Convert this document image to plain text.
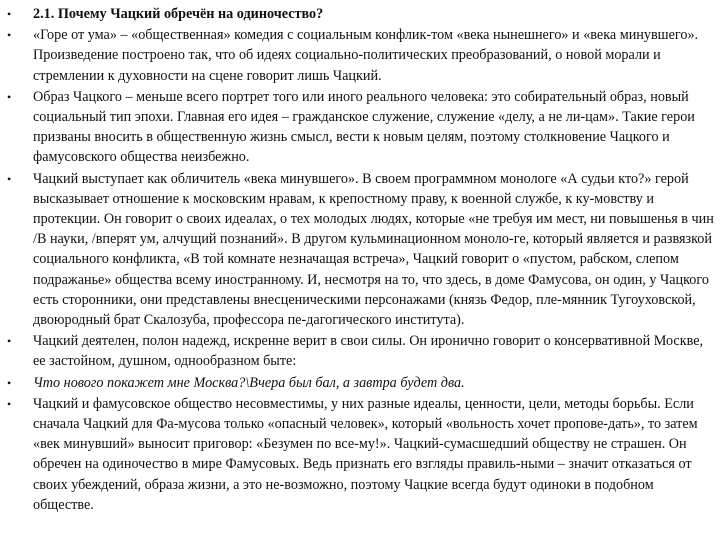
• 2.1. Почему Чацкий обречён на одиночество?
• «Горе от ума» – «общественная» комедия с социальным конфлик-том «века нынешнего» и «века минувшего». Произведение построено так, что об идеях социально-политических преобразований, о новой морали и стремлении к духовности на сцене говорит лишь Чацкий.
• Образ Чацкого – меньше всего портрет того или иного реального человека: это собирательный образ, новый социальный тип эпохи. Главная его идея – гражданское служение, служение «делу, а не ли-цам». Такие герои призваны вносить в общественную жизнь смысл, вести к новым целям, поэтому столкновение Чацкого и фамусовского общества неизбежно.
• Чацкий выступает как обличитель «века минувшего». В своем программном монологе «А судьи кто?» герой высказывает отношение к московским нравам, к крепостному праву, к военной службе, к ку-мовству и протекции. Он говорит о своих идеалах, о тех молодых людях, которые «не требуя им мест, ни повышенья в чин /В науки, /вперят ум, алчущий познаний». В другом кульминационном моноло-ге, который является и развязкой социального конфликта, «В той комнате незначащая встреча», Чацкий говорит о «пустом, рабском, слепом подражанье» общества всему иностранному. И, несмотря на то, что здесь, в доме Фамусова, он один, у Чацкого есть сторонники, они представлены внесценическими персонажами (князь Федор, пле-мянник Тугоуховской, двоюродный брат Скалозуба, профессора пе-дагогического института).
• Чацкий деятелен, полон надежд, искренне верит в свои силы. Он иронично говорит о консервативной Москве, ее застойном, душном, однообразном быте:
• Что нового покажет мне Москва?\Вчера был бал, а завтра будет два.
• Чацкий и фамусовское общество несовместимы, у них разные идеалы, ценности, цели, методы борьбы. Если сначала Чацкий для Фа-мусова только «опасный человек», который «вольность хочет пропове-дать», то затем «век минувший» выносит приговор: «Безумен по все-му!». Чацкий-сумасшедший обществу не страшен. Он обречен на одиночество в мире Фамусовых. Ведь признать его взгляды правиль-ными – значит отказаться от своих убеждений, образа жизни, а это не-возможно, поэтому Чацкие всегда будут одиноки в подобном обществе.
